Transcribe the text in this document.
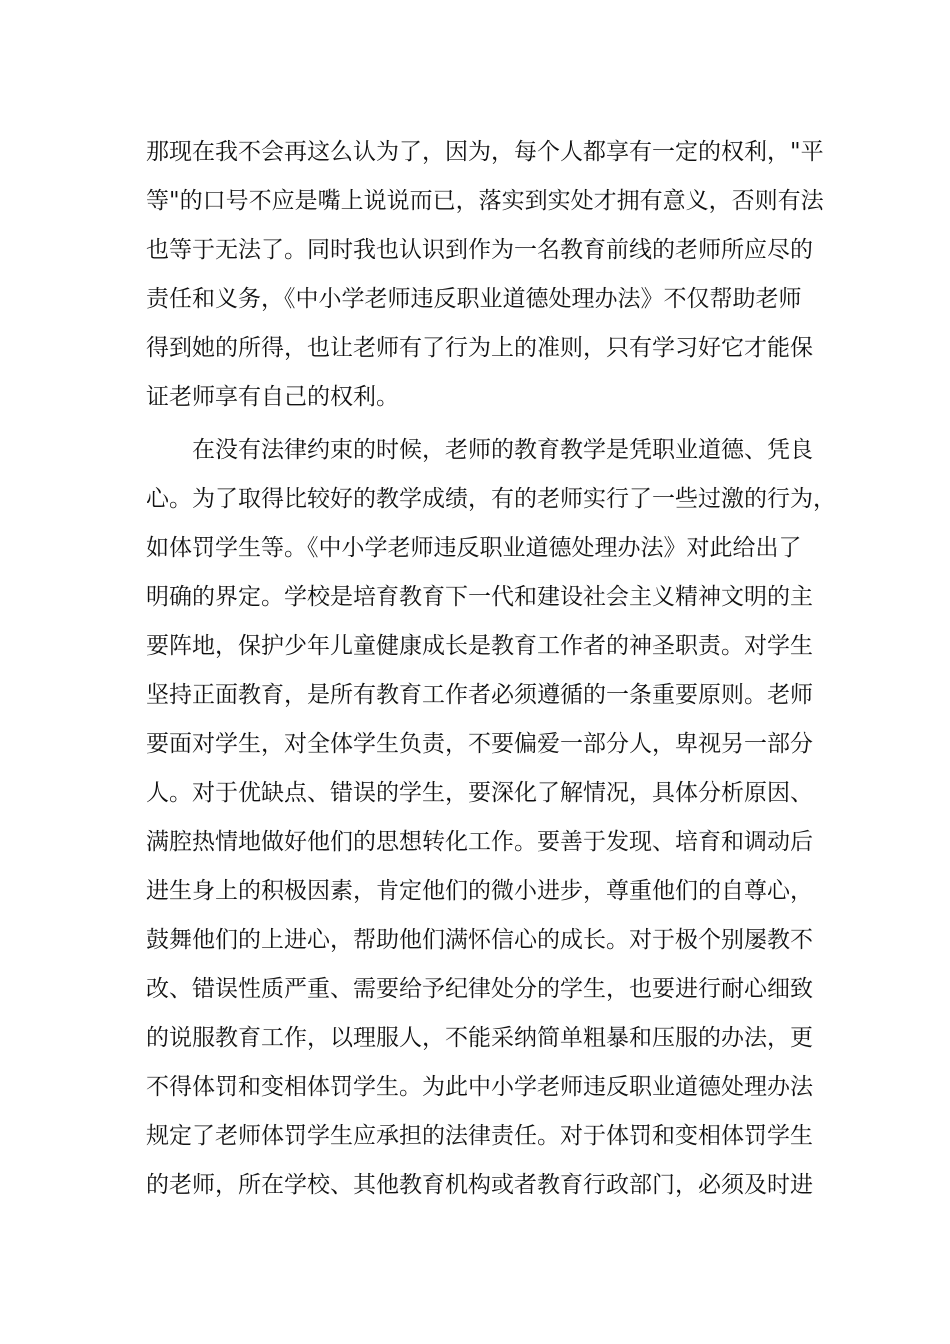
那现在我不会再这么认为了，因为，每个人都享有一定的权利，"平
等"的口号不应是嘴上说说而已，落实到实处才拥有意义，否则有法
也等于无法了。同时我也认识到作为一名教育前线的老师所应尽的
责任和义务，《中小学老师违反职业道德处理办法》不仅帮助老师
得到她的所得，也让老师有了行为上的准则，只有学习好它才能保
证老师享有自己的权利。
在没有法律约束的时候，老师的教育教学是凭职业道德、凭良
心。为了取得比较好的教学成绩，有的老师实行了一些过激的行为，
如体罚学生等。《中小学老师违反职业道德处理办法》对此给出了
明确的界定。学校是培育教育下一代和建设社会主义精神文明的主
要阵地，保护少年儿童健康成长是教育工作者的神圣职责。对学生
坚持正面教育，是所有教育工作者必须遵循的一条重要原则。老师
要面对学生，对全体学生负责，不要偏爱一部分人，卑视另一部分
人。对于优缺点、错误的学生，要深化了解情况，具体分析原因、
满腔热情地做好他们的思想转化工作。要善于发现、培育和调动后
进生身上的积极因素，肯定他们的微小进步，尊重他们的自尊心，
鼓舞他们的上进心，帮助他们满怀信心的成长。对于极个别屡教不
改、错误性质严重、需要给予纪律处分的学生，也要进行耐心细致
的说服教育工作，以理服人，不能采纳简单粗暴和压服的办法，更
不得体罚和变相体罚学生。为此中小学老师违反职业道德处理办法
规定了老师体罚学生应承担的法律责任。对于体罚和变相体罚学生
的老师，所在学校、其他教育机构或者教育行政部门，必须及时进
